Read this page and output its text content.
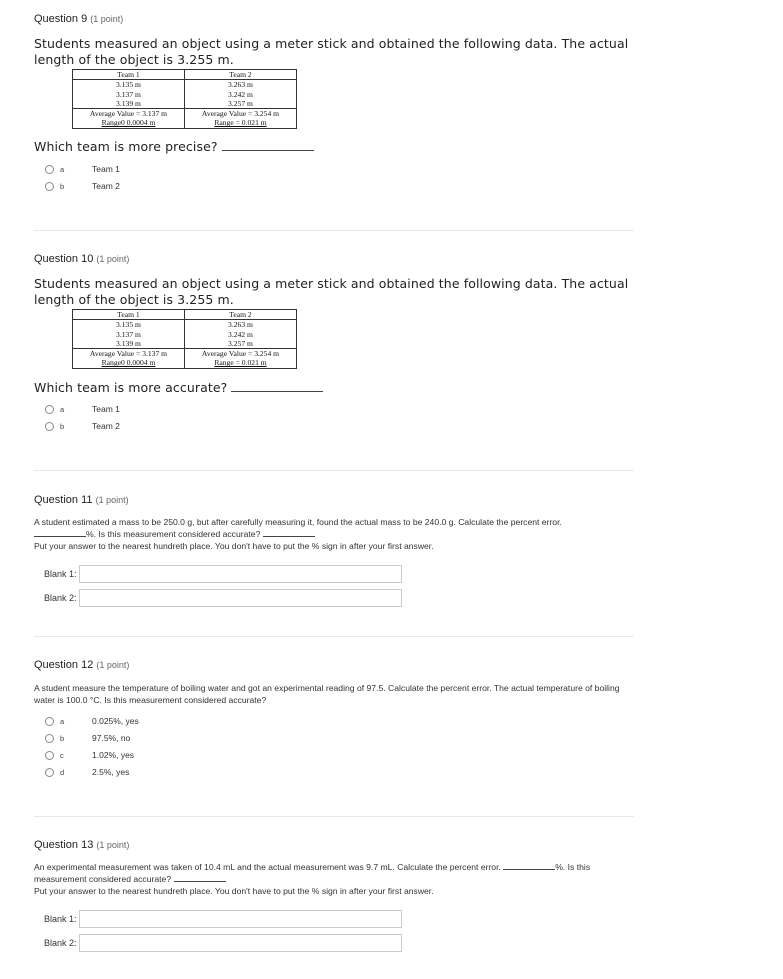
Question 9 (1 point)
Students measured an object using a meter stick and obtained the following data. The actual length of the object is 3.255 m.
Team 1	Team 2
3.135 m	3.263 m
3.137 m	3.242 m
3.139 m	3.257 m
Average Value = 3.137 m	Average Value = 3.254 m
Range0 0.0004 m	Range = 0.021 m
Which team is more precise?
a	Team 1
b	Team 2
Question 10 (1 point)
Students measured an object using a meter stick and obtained the following data. The actual length of the object is 3.255 m.
Team 1	Team 2
3.135 m	3.263 m
3.137 m	3.242 m
3.139 m	3.257 m
Average Value = 3.137 m	Average Value = 3.254 m
Range0 0.0004 m	Range = 0.021 m
Which team is more accurate?
a	Team 1
b	Team 2
Question 11 (1 point)
A student estimated a mass to be 250.0 g, but after carefully measuring it, found the actual mass to be 240.0 g. Calculate the percent error.
%. Is this measurement considered accurate?
Put your answer to the nearest hundreth place. You don't have to put the % sign in after your first answer.
Blank 1:
Blank 2:
Question 12 (1 point)
A student measure the temperature of boiling water and got an experimental reading of 97.5. Calculate the percent error. The actual temperature of boiling water is 100.0 °C. Is this measurement considered accurate?
a	0.025%, yes
b	97.5%, no
c	1.02%, yes
d	2.5%, yes
Question 13 (1 point)
An experimental measurement was taken of 10.4 mL and the actual measurement was 9.7 mL. Calculate the percent error.	%. Is this
measurement considered accurate?
Put your answer to the nearest hundreth place. You don't have to put the % sign in after your first answer.
Blank 1:
Blank 2:
